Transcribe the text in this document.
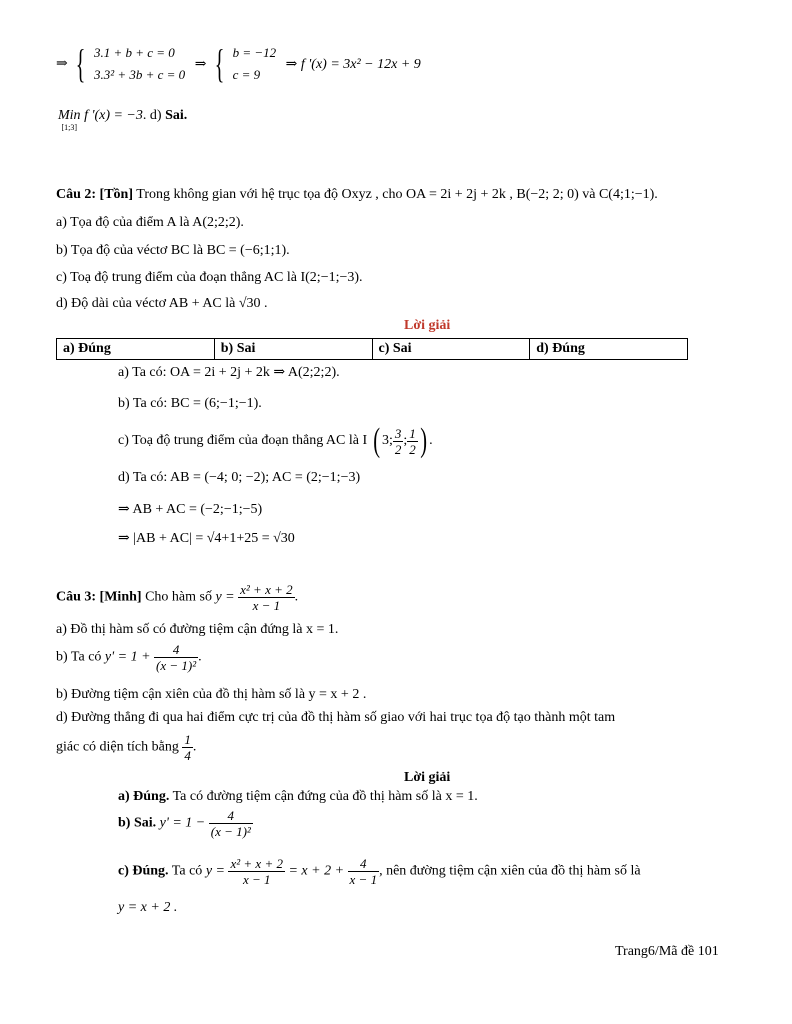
⇒ { 3.1 + b + c = 0
3.3² + 3b + c = 0
⇒ { b = −12
c = 9
⇒ f '(x) = 3x² − 12x + 9
Min
[1;3]
f '(x) = −3. d) Sai.
Câu 2: [Tồn] Trong không gian với hệ trục tọa độ Oxyz , cho OA = 2i + 2j + 2k , B(−2; 2; 0) và C(4;1;−1).
a) Tọa độ của điểm A là A(2;2;2).
b) Tọa độ của véctơ BC là BC = (−6;1;1).
c) Toạ độ trung điểm của đoạn thẳng AC là I(2;−1;−3).
d) Độ dài của véctơ AB + AC là √30 .
Lời giải
a) Đúng	b) Sai	c) Sai	d) Đúng
a) Ta có: OA = 2i + 2j + 2k ⇒ A(2;2;2).
b) Ta có: BC = (6;−1;−1).
c) Toạ độ trung điểm của đoạn thẳng AC là I ( 3; $\frac{3}{2}$ ; $\frac{1}{2}$ ) .
d) Ta có: AB = (−4; 0; −2); AC = (2;−1;−3)
⇒ AB + AC = (−2;−1;−5)
⇒ |AB + AC| = √4+1+25 = √30
Câu 3: [Minh] Cho hàm số $y = \frac{\text{x² + x + 2}}{x - 1}$ .
a) Đồ thị hàm số có đường tiệm cận đứng là x = 1.
b) Ta có $y' = 1 + \frac{4}{\text{(x − 1)²}}$ .
b) Đường tiệm cận xiên của đồ thị hàm số là y = x + 2 .
d) Đường thẳng đi qua hai điểm cực trị của đồ thị hàm số giao với hai trục tọa độ tạo thành một tam
giác có diện tích bằng $\frac{1}{4}$ .
Lời giải
a) Đúng. Ta có đường tiệm cận đứng của đồ thị hàm số là x = 1.
b) Sai. $y' = 1 - \frac{4}{\text{(x − 1)²}}$
c) Đúng. Ta có $y = \frac{\text{x² + x + 2}}{x - 1} = x + 2 + \frac{4}{x - 1}$ , nên đường tiệm cận xiên của đồ thị hàm số là
y = x + 2 .
Trang6/Mã đề 101
